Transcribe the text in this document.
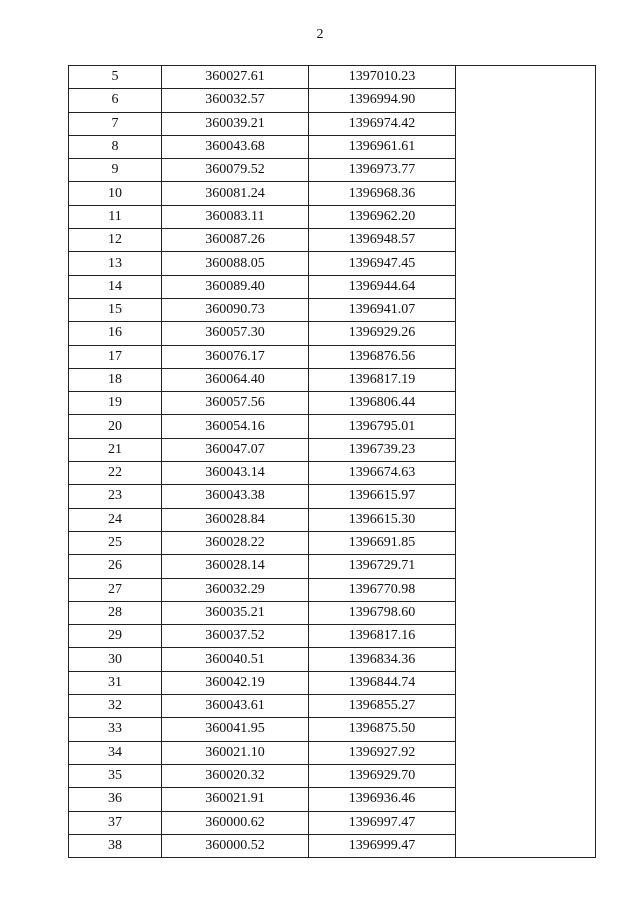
2
5	360027.61	1397010.23	
6	360032.57	1396994.90	
7	360039.21	1396974.42	
8	360043.68	1396961.61	
9	360079.52	1396973.77	
10	360081.24	1396968.36	
11	360083.11	1396962.20	
12	360087.26	1396948.57	
13	360088.05	1396947.45	
14	360089.40	1396944.64	
15	360090.73	1396941.07	
16	360057.30	1396929.26	
17	360076.17	1396876.56	
18	360064.40	1396817.19	
19	360057.56	1396806.44	
20	360054.16	1396795.01	
21	360047.07	1396739.23	
22	360043.14	1396674.63	
23	360043.38	1396615.97	
24	360028.84	1396615.30	
25	360028.22	1396691.85	
26	360028.14	1396729.71	
27	360032.29	1396770.98	
28	360035.21	1396798.60	
29	360037.52	1396817.16	
30	360040.51	1396834.36	
31	360042.19	1396844.74	
32	360043.61	1396855.27	
33	360041.95	1396875.50	
34	360021.10	1396927.92	
35	360020.32	1396929.70	
36	360021.91	1396936.46	
37	360000.62	1396997.47	
38	360000.52	1396999.47	
